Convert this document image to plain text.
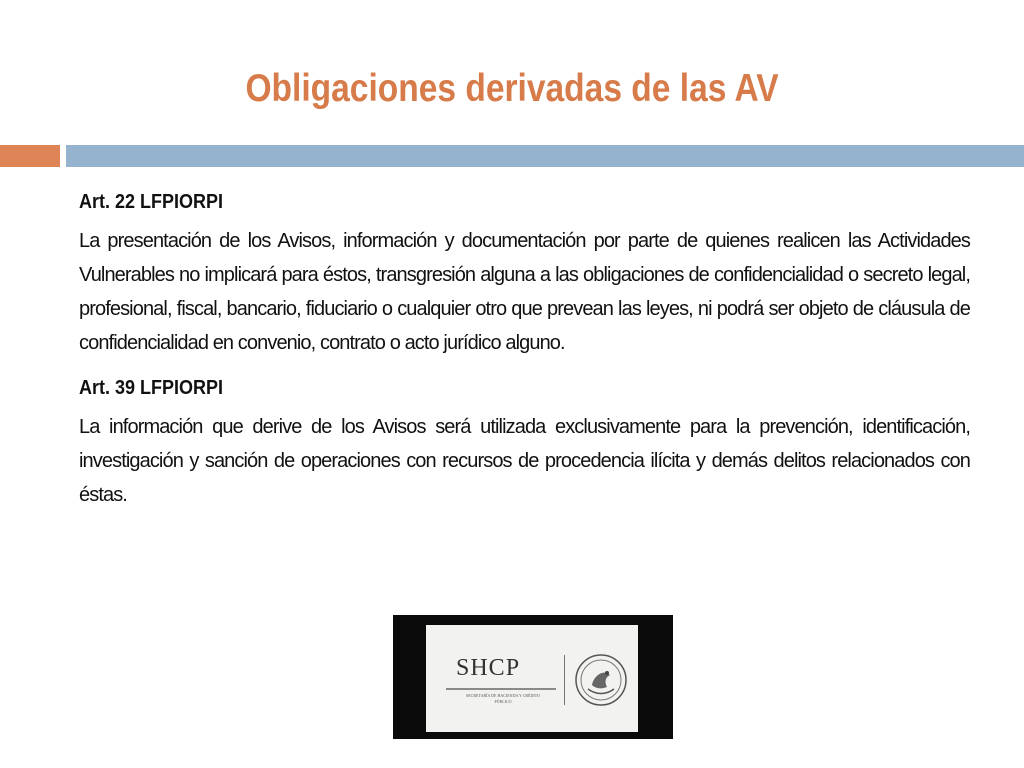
Obligaciones derivadas de las AV

Art. 22 LFPIORPI

La presentación de los Avisos, información y documentación por parte de quienes realicen las Actividades Vulnerables no implicará para éstos, transgresión alguna a las obligaciones de confidencialidad o secreto legal, profesional, fiscal, bancario, fiduciario o cualquier otro que prevean las leyes, ni podrá ser objeto de cláusula de confidencialidad en convenio, contrato o acto jurídico alguno.

Art. 39 LFPIORPI

La información que derive de los Avisos será utilizada exclusivamente para la prevención, identificación, investigación y sanción de operaciones con recursos de procedencia ilícita y demás delitos relacionados con éstas.

SHCP
SECRETARÍA DE HACIENDA Y CRÉDITO PÚBLICO
